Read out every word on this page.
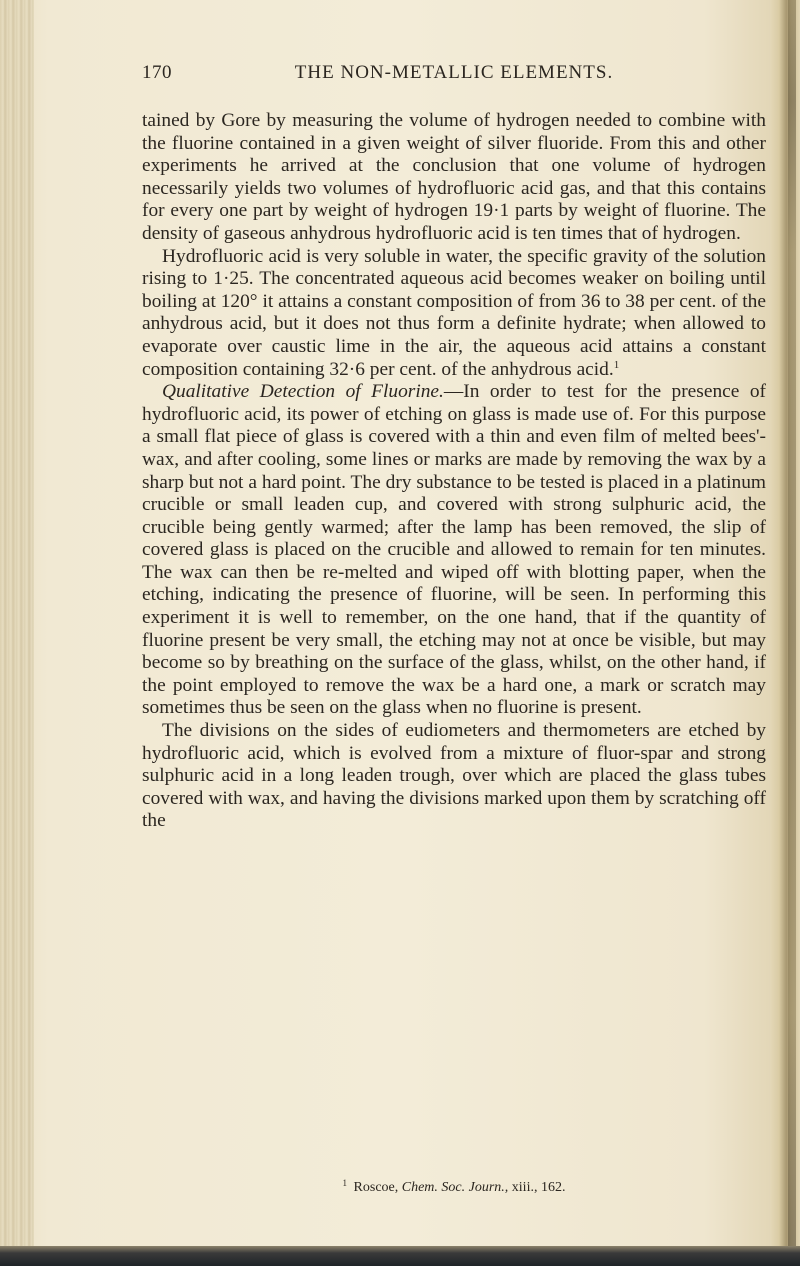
170	THE NON-METALLIC ELEMENTS.

tained by Gore by measuring the volume of hydrogen needed to combine with the fluorine contained in a given weight of silver fluoride. From this and other experiments he arrived at the conclusion that one volume of hydrogen necessarily yields two volumes of hydrofluoric acid gas, and that this contains for every one part by weight of hydrogen 19·1 parts by weight of fluorine. The density of gaseous anhydrous hydrofluoric acid is ten times that of hydrogen.

Hydrofluoric acid is very soluble in water, the specific gravity of the solution rising to 1·25. The concentrated aqueous acid becomes weaker on boiling until boiling at 120° it attains a constant composition of from 36 to 38 per cent. of the anhydrous acid, but it does not thus form a definite hydrate; when allowed to evaporate over caustic lime in the air, the aqueous acid attains a constant composition containing 32·6 per cent. of the anhydrous acid.$^1$

Qualitative Detection of Fluorine.—In order to test for the presence of hydrofluoric acid, its power of etching on glass is made use of. For this purpose a small flat piece of glass is covered with a thin and even film of melted bees'-wax, and after cooling, some lines or marks are made by removing the wax by a sharp but not a hard point. The dry substance to be tested is placed in a platinum crucible or small leaden cup, and covered with strong sulphuric acid, the crucible being gently warmed; after the lamp has been removed, the slip of covered glass is placed on the crucible and allowed to remain for ten minutes. The wax can then be re-melted and wiped off with blotting paper, when the etching, indicating the presence of fluorine, will be seen. In performing this experiment it is well to remember, on the one hand, that if the quantity of fluorine present be very small, the etching may not at once be visible, but may become so by breathing on the surface of the glass, whilst, on the other hand, if the point employed to remove the wax be a hard one, a mark or scratch may sometimes thus be seen on the glass when no fluorine is present.

The divisions on the sides of eudiometers and thermometers are etched by hydrofluoric acid, which is evolved from a mixture of fluor-spar and strong sulphuric acid in a long leaden trough, over which are placed the glass tubes covered with wax, and having the divisions marked upon them by scratching off the

$^1$ Roscoe, Chem. Soc. Journ., xiii., 162.
